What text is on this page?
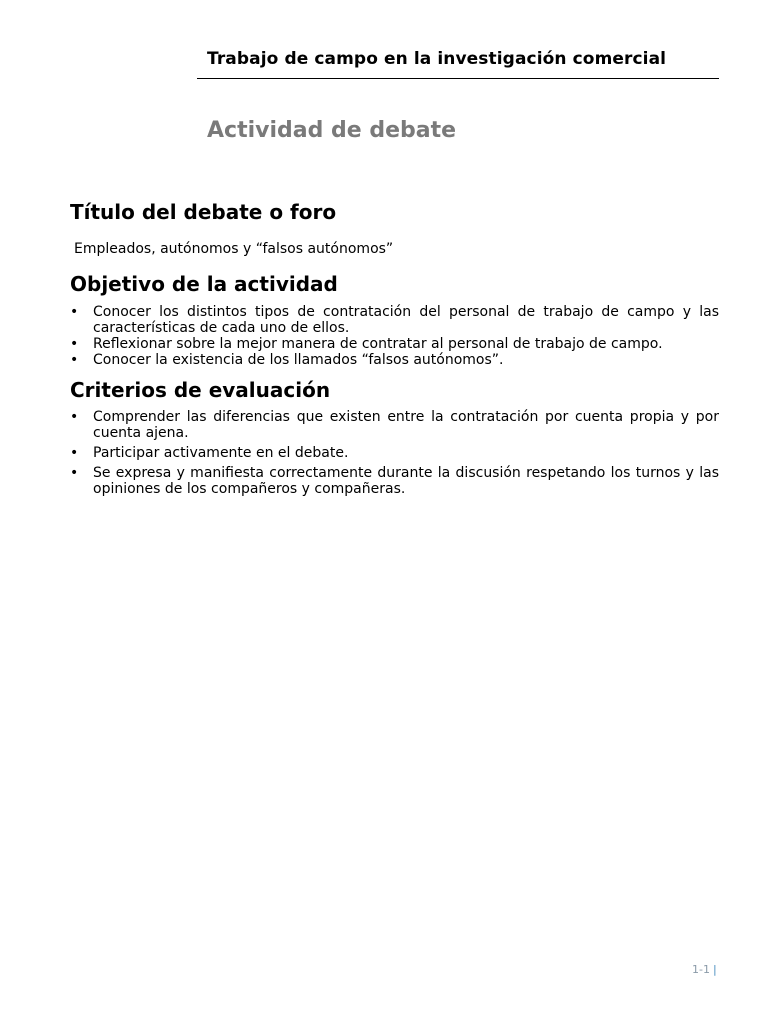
Trabajo de campo en la investigación comercial
Actividad de debate
Título del debate o foro
Empleados, autónomos y “falsos autónomos”
Objetivo de la actividad
• Conocer los distintos tipos de contratación del personal de trabajo de campo y las características de cada uno de ellos.
• Reflexionar sobre la mejor manera de contratar al personal de trabajo de campo.
• Conocer la existencia de los llamados “falsos autónomos”.
Criterios de evaluación
• Comprender las diferencias que existen entre la contratación por cuenta propia y por cuenta ajena.
• Participar activamente en el debate.
• Se expresa y manifiesta correctamente durante la discusión respetando los turnos y las opiniones de los compañeros y compañeras.
1-1 |
